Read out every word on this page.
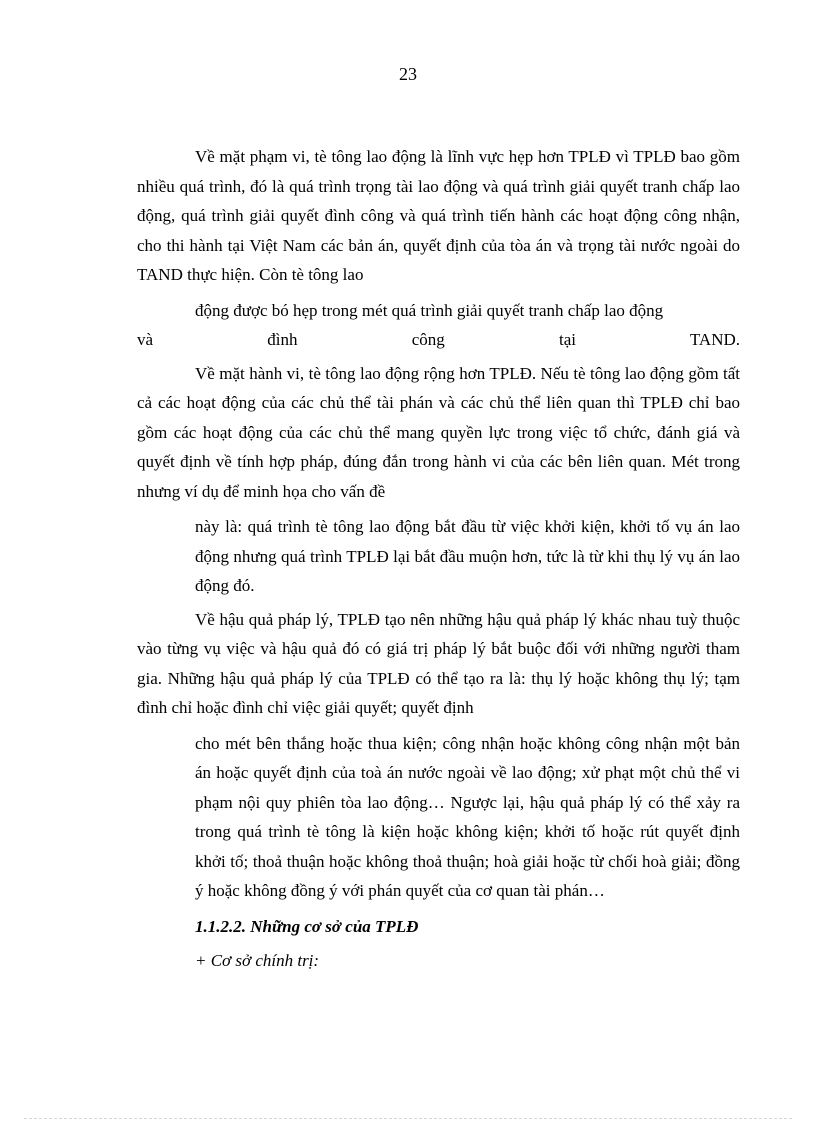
23

Về mặt phạm vi, tè tông lao động là lĩnh vực hẹp hơn TPLĐ vì TPLĐ bao gồm nhiều quá trình, đó là quá trình trọng tài lao động và quá trình giải quyết tranh chấp lao động, quá trình giải quyết đình công và quá trình tiến hành các hoạt động công nhận, cho thi hành tại Việt Nam các bản án, quyết định của tòa án và trọng tài nước ngoài do TAND thực hiện. Còn tè tông lao

động được bó hẹp trong mét quá trình giải quyết tranh chấp lao động

và đình công tại TAND.

Về mặt hành vi, tè tông lao động rộng hơn TPLĐ. Nếu tè tông lao động gồm tất cả các hoạt động của các chủ thể tài phán và các chủ thể liên quan thì TPLĐ chỉ bao gồm các hoạt động của các chủ thể mang quyền lực trong việc tổ chức, đánh giá và quyết định về tính hợp pháp, đúng đắn trong hành vi của các bên liên quan. Mét trong nhưng ví dụ để minh họa cho vấn đề

này là: quá trình tè tông lao động bắt đầu từ việc khởi kiện, khởi tố vụ án lao động nhưng quá trình TPLĐ lại bắt đầu muộn hơn, tức là từ khi thụ lý vụ án lao động đó.

Về hậu quả pháp lý, TPLĐ tạo nên những hậu quả pháp lý khác nhau tuỳ thuộc vào từng vụ việc và hậu quả đó có giá trị pháp lý bắt buộc đối với những người tham gia. Những hậu quả pháp lý của TPLĐ có thể tạo ra là: thụ lý hoặc không thụ lý; tạm đình chỉ hoặc đình chỉ việc giải quyết; quyết định

cho mét bên thắng hoặc thua kiện; công nhận hoặc không công nhận một bản án hoặc quyết định của toà án nước ngoài về lao động; xử phạt một chủ thể vi phạm nội quy phiên tòa lao động… Ngược lại, hậu quả pháp lý có thể xảy ra trong quá trình tè tông là kiện hoặc không kiện; khởi tố hoặc rút quyết định khởi tố; thoả thuận hoặc không thoả thuận; hoà giải hoặc từ chối hoà giải; đồng ý hoặc không đồng ý với phán quyết của cơ quan tài phán…

1.1.2.2. Những cơ sở của TPLĐ

+ Cơ sở chính trị:
